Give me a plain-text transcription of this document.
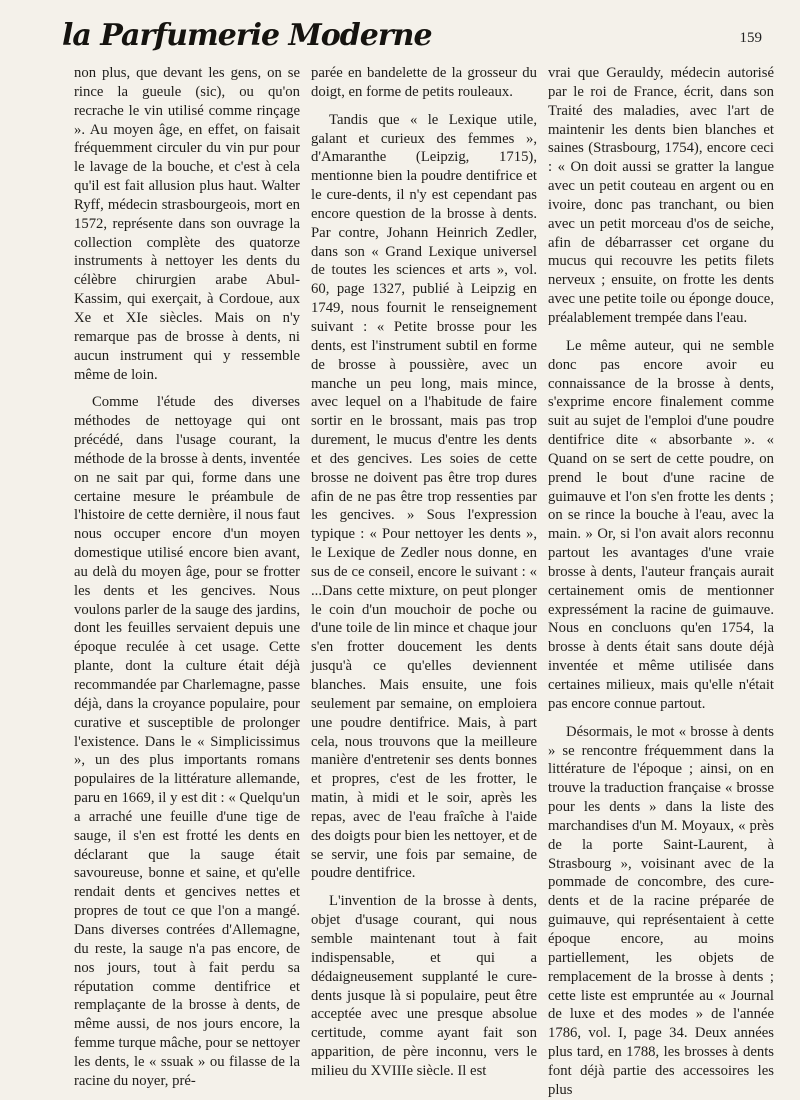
la Parfumerie Moderne	159

non plus, que devant les gens, on se rince la gueule (sic), ou qu'on recrache le vin utilisé comme rinçage ». Au moyen âge, en effet, on faisait fréquemment circuler du vin pur pour le lavage de la bouche, et c'est à cela qu'il est fait allusion plus haut. Walter Ryff, médecin strasbourgeois, mort en 1572, représente dans son ouvrage la collection complète des quatorze instruments à nettoyer les dents du célèbre chirurgien arabe Abul-Kassim, qui exerçait, à Cordoue, aux Xe et XIe siècles. Mais on n'y remarque pas de brosse à dents, ni aucun instrument qui y ressemble même de loin.

Comme l'étude des diverses méthodes de nettoyage qui ont précédé, dans l'usage courant, la méthode de la brosse à dents, inventée on ne sait par qui, forme dans une certaine mesure le préambule de l'histoire de cette dernière, il nous faut nous occuper encore d'un moyen domestique utilisé encore bien avant, au delà du moyen âge, pour se frotter les dents et les gencives. Nous voulons parler de la sauge des jardins, dont les feuilles servaient depuis une époque reculée à cet usage. Cette plante, dont la culture était déjà recommandée par Charlemagne, passe déjà, dans la croyance populaire, pour curative et susceptible de prolonger l'existence. Dans le « Simplicissimus », un des plus importants romans populaires de la littérature allemande, paru en 1669, il y est dit : « Quelqu'un a arraché une feuille d'une tige de sauge, il s'en est frotté les dents en déclarant que la sauge était savoureuse, bonne et saine, et qu'elle rendait dents et gencives nettes et propres de tout ce que l'on a mangé. Dans diverses contrées d'Allemagne, du reste, la sauge n'a pas encore, de nos jours, tout à fait perdu sa réputation comme dentifrice et remplaçante de la brosse à dents, de même aussi, de nos jours encore, la femme turque mâche, pour se nettoyer les dents, le « ssuak » ou filasse de la racine du noyer, pré-

parée en bandelette de la grosseur du doigt, en forme de petits rouleaux.

Tandis que « le Lexique utile, galant et curieux des femmes », d'Amaranthe (Leipzig, 1715), mentionne bien la poudre dentifrice et le cure-dents, il n'y est cependant pas encore question de la brosse à dents. Par contre, Johann Heinrich Zedler, dans son « Grand Lexique universel de toutes les sciences et arts », vol. 60, page 1327, publié à Leipzig en 1749, nous fournit le renseignement suivant : « Petite brosse pour les dents, est l'instrument subtil en forme de brosse à poussière, avec un manche un peu long, mais mince, avec lequel on a l'habitude de faire sortir en le brossant, mais pas trop durement, le mucus d'entre les dents et des gencives. Les soies de cette brosse ne doivent pas être trop dures afin de ne pas être trop ressenties par les gencives. » Sous l'expression typique : « Pour nettoyer les dents », le Lexique de Zedler nous donne, en sus de ce conseil, encore le suivant : « ...Dans cette mixture, on peut plonger le coin d'un mouchoir de poche ou d'une toile de lin mince et chaque jour s'en frotter doucement les dents jusqu'à ce qu'elles deviennent blanches. Mais ensuite, une fois seulement par semaine, on emploiera une poudre dentifrice. Mais, à part cela, nous trouvons que la meilleure manière d'entretenir ses dents bonnes et propres, c'est de les frotter, le matin, à midi et le soir, après les repas, avec de l'eau fraîche à l'aide des doigts pour bien les nettoyer, et de se servir, une fois par semaine, de poudre dentifrice.

L'invention de la brosse à dents, objet d'usage courant, qui nous semble maintenant tout à fait indispensable, et qui a dédaigneusement supplanté le cure-dents jusque là si populaire, peut être acceptée avec une presque absolue certitude, comme ayant fait son apparition, de père inconnu, vers le milieu du XVIIIe siècle. Il est

vrai que Gerauldy, médecin autorisé par le roi de France, écrit, dans son Traité des maladies, avec l'art de maintenir les dents bien blanches et saines (Strasbourg, 1754), encore ceci : « On doit aussi se gratter la langue avec un petit couteau en argent ou en ivoire, donc pas tranchant, ou bien avec un petit morceau d'os de seiche, afin de débarrasser cet organe du mucus qui recouvre les petits filets nerveux ; ensuite, on frotte les dents avec une petite toile ou éponge douce, préalablement trempée dans l'eau.

Le même auteur, qui ne semble donc pas encore avoir eu connaissance de la brosse à dents, s'exprime encore finalement comme suit au sujet de l'emploi d'une poudre dentifrice dite « absorbante ». « Quand on se sert de cette poudre, on prend le bout d'une racine de guimauve et l'on s'en frotte les dents ; on se rince la bouche à l'eau, avec la main. » Or, si l'on avait alors reconnu partout les avantages d'une vraie brosse à dents, l'auteur français aurait certainement omis de mentionner expressément la racine de guimauve. Nous en concluons qu'en 1754, la brosse à dents était sans doute déjà inventée et même utilisée dans certaines milieux, mais qu'elle n'était pas encore connue partout.

Désormais, le mot « brosse à dents » se rencontre fréquemment dans la littérature de l'époque ; ainsi, on en trouve la traduction française « brosse pour les dents » dans la liste des marchandises d'un M. Moyaux, « près de la porte Saint-Laurent, à Strasbourg », voisinant avec de la pommade de concombre, des cure-dents et de la racine préparée de guimauve, qui représentaient à cette époque encore, au moins partiellement, les objets de remplacement de la brosse à dents ; cette liste est empruntée au « Journal de luxe et des modes » de l'année 1786, vol. I, page 34. Deux années plus tard, en 1788, les brosses à dents font déjà partie des accessoires les plus
